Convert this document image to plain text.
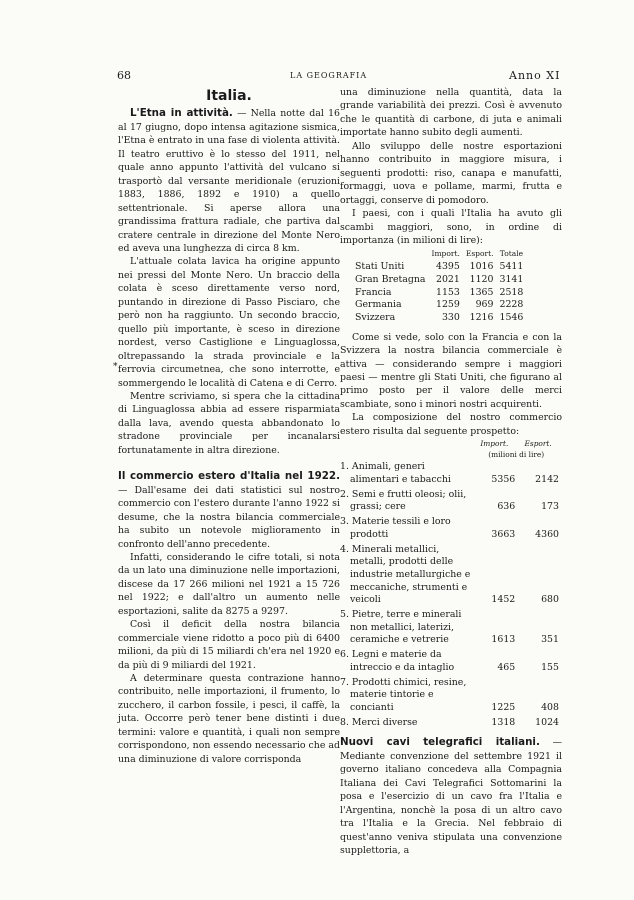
68	LA GEOGRAFIA	Anno XI
*
Italia.

L'Etna in attività. — Nella notte dal 16 al 17 giugno, dopo intensa agitazione sismica, l'Etna è entrato in una fase di violenta attività. Il teatro eruttivo è lo stesso del 1911, nel quale anno appunto l'attività del vulcano si trasportò dal versante meridionale (eruzioni 1883, 1886, 1892 e 1910) a quello settentrionale. Si aperse allora una grandissima frattura radiale, che partiva dal cratere centrale in direzione del Monte Nero ed aveva una lunghezza di circa 8 km.

L'attuale colata lavica ha origine appunto nei pressi del Monte Nero. Un braccio della colata è sceso direttamente verso nord, puntando in direzione di Passo Pisciaro, che però non ha raggiunto. Un secondo braccio, quello più importante, è sceso in direzione nordest, verso Castiglione e Linguaglossa, oltrepassando la strada provinciale e la ferrovia circumetnea, che sono interrotte, e sommergendo le località di Catena e di Cerro.

Mentre scriviamo, si spera che la cittadina di Linguaglossa abbia ad essere risparmiata dalla lava, avendo questa abbandonato lo stradone provinciale per incanalarsi fortunatamente in altra direzione.

Il commercio estero d'Italia nel 1922. — Dall'esame dei dati statistici sul nostro commercio con l'estero durante l'anno 1922 si desume, che la nostra bilancia commerciale ha subito un notevole miglioramento in confronto dell'anno precedente.

Infatti, considerando le cifre totali, si nota da un lato una diminuzione nelle importazioni, discese da 17 266 milioni nel 1921 a 15 726 nel 1922; e dall'altro un aumento nelle esportazioni, salite da 8275 a 9297.

Così il deficit della nostra bilancia commerciale viene ridotto a poco più di 6400 milioni, da più di 15 miliardi ch'era nel 1920 e da più di 9 miliardi del 1921.

A determinare questa contrazione hanno contribuito, nelle importazioni, il frumento, lo zucchero, il carbon fossile, i pesci, il caffè, la juta. Occorre però tener bene distinti i due termini: valore e quantità, i quali non sempre corrispondono, non essendo necessario che ad una diminuzione di valore corrisponda

una diminuzione nella quantità, data la grande variabilità dei prezzi. Così è avvenuto che le quantità di carbone, di juta e animali importate hanno subito degli aumenti.

Allo sviluppo delle nostre esportazioni hanno contribuito in maggiore misura, i seguenti prodotti: riso, canapa e manufatti, formaggi, uova e pollame, marmi, frutta e ortaggi, conserve di pomodoro.

I paesi, con i quali l'Italia ha avuto gli scambi maggiori, sono, in ordine di importanza (in milioni di lire):

	Import.	Esport.	Totale
Stati Uniti	4395	1016	5411
Gran Bretagna	2021	1120	3141
Francia	1153	1365	2518
Germania	1259	969	2228
Svizzera	330	1216	1546

Come si vede, solo con la Francia e con la Svizzera la nostra bilancia commerciale è attiva — considerando sempre i maggiori paesi — mentre gli Stati Uniti, che figurano al primo posto per il valore delle merci scambiate, sono i minori nostri acquirenti.

La composizione del nostro commercio estero risulta dal seguente prospetto:

	Import.	Esport.
	(milioni di lire)	
1. Animali, generi alimentari e tabacchi	5356	2142
2. Semi e frutti oleosi; olii, grassi; cere	636	173
3. Materie tessili e loro prodotti	3663	4360
4. Minerali metallici, metalli, prodotti delle industrie metallurgiche e meccaniche, strumenti e veicoli	1452	680
5. Pietre, terre e minerali non metallici, laterizi, ceramiche e vetrerie	1613	351
6. Legni e materie da intreccio e da intaglio	465	155
7. Prodotti chimici, resine, materie tintorie e concianti	1225	408
8. Merci diverse	1318	1024

Nuovi cavi telegrafici italiani. — Mediante convenzione del settembre 1921 il governo italiano concedeva alla Compagnia Italiana dei Cavi Telegrafici Sottomarini la posa e l'esercizio di un cavo fra l'Italia e l'Argentina, nonchè la posa di un altro cavo tra l'Italia e la Grecia. Nel febbraio di quest'anno veniva stipulata una convenzione supplettoria, a
